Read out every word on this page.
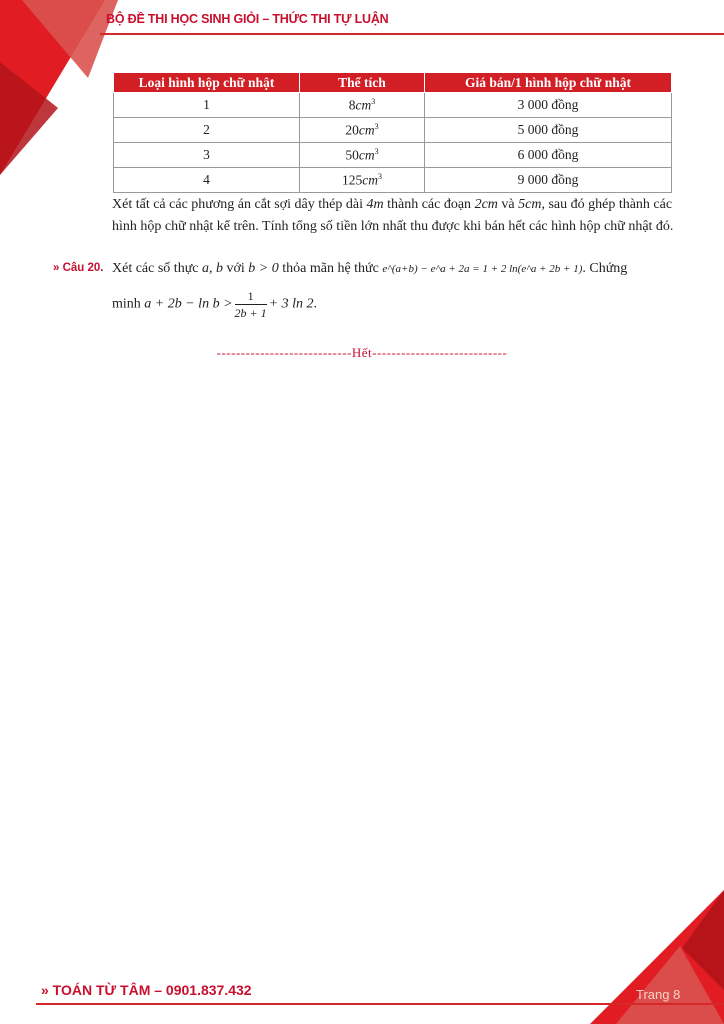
BỘ ĐỀ THI HỌC SINH GIỎI – THỨC THI TỰ LUẬN
Loại hình hộp chữ nhật	Thể tích	Giá bán/1 hình hộp chữ nhật
1	$8cm^3$	3 000 đồng
2	$20cm^3$	5 000 đồng
3	$50cm^3$	6 000 đồng
4	$125cm^3$	9 000 đồng
Xét tất cả các phương án cắt sợi dây thép dài 4m thành các đoạn 2cm và 5cm, sau đó ghép thành các hình hộp chữ nhật kể trên. Tính tổng số tiền lớn nhất thu được khi bán hết các hình hộp chữ nhật đó.
» Câu 20. Xét các số thực a, b với b > 0 thỏa mãn hệ thức e^(a+b) − e^a + 2a = 1 + 2 ln(e^a + 2b + 1). Chứng
minh $a + 2b - \ln b > \frac{1}{2b + 1} + 3$ ln 2.
----------------------------Hết----------------------------
» TOÁN TỪ TÂM – 0901.837.432	Trang 8
